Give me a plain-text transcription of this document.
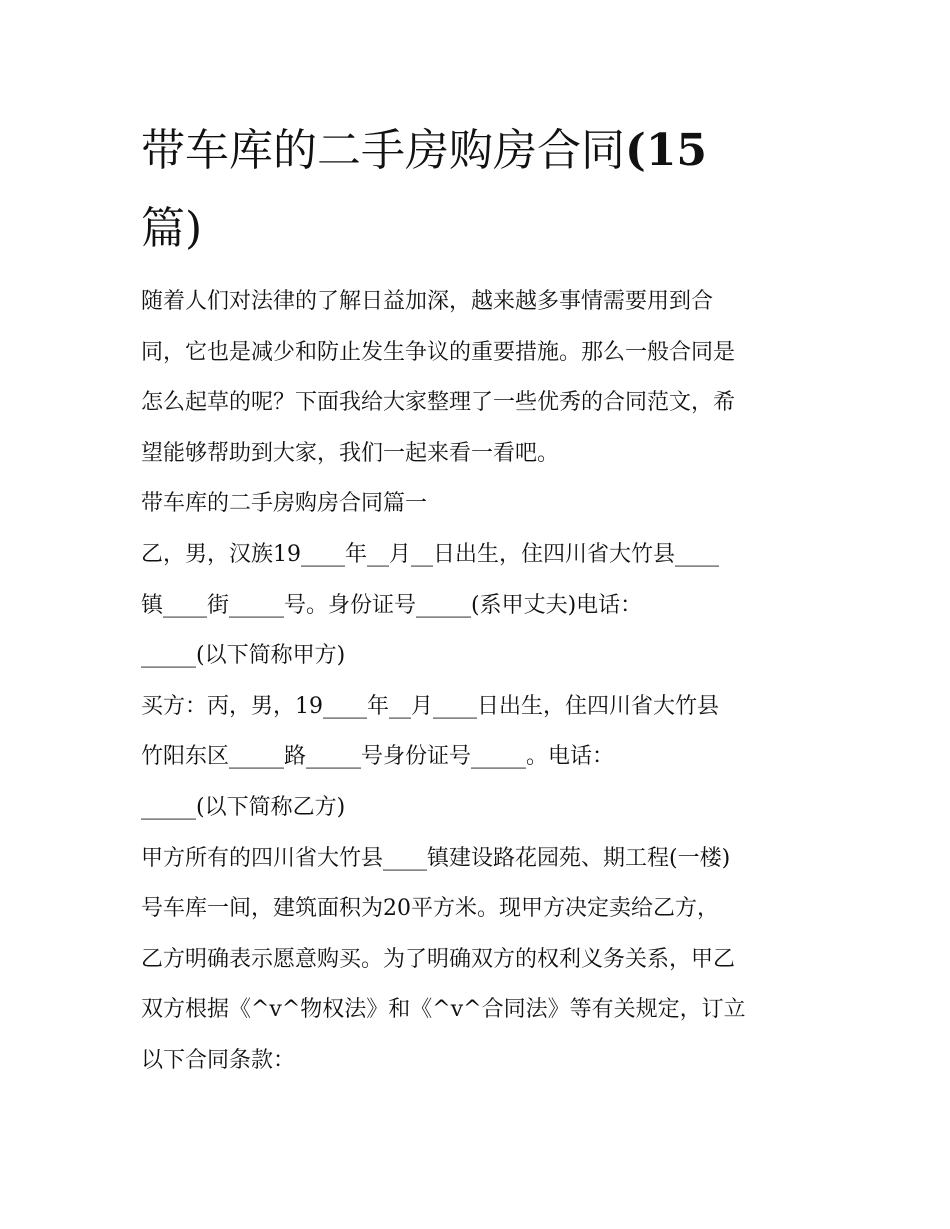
带车库的二手房购房合同(15
篇)
随着人们对法律的了解日益加深，越来越多事情需要用到合
同，它也是减少和防止发生争议的重要措施。那么一般合同是
怎么起草的呢？下面我给大家整理了一些优秀的合同范文，希
望能够帮助到大家，我们一起来看一看吧。
带车库的二手房购房合同篇一
乙，男，汉族19____年__月__日出生，住四川省大竹县____
镇____街_____号。身份证号_____(系甲丈夫)电话：
_____(以下简称甲方)
买方：丙，男，19____年__月____日出生，住四川省大竹县
竹阳东区_____路_____号身份证号_____。电话：
_____(以下简称乙方)
甲方所有的四川省大竹县____镇建设路花园苑、期工程(一楼)
号车库一间，建筑面积为20平方米。现甲方决定卖给乙方，
乙方明确表示愿意购买。为了明确双方的权利义务关系，甲乙
双方根据《^v^物权法》和《^v^合同法》等有关规定，订立
以下合同条款：
